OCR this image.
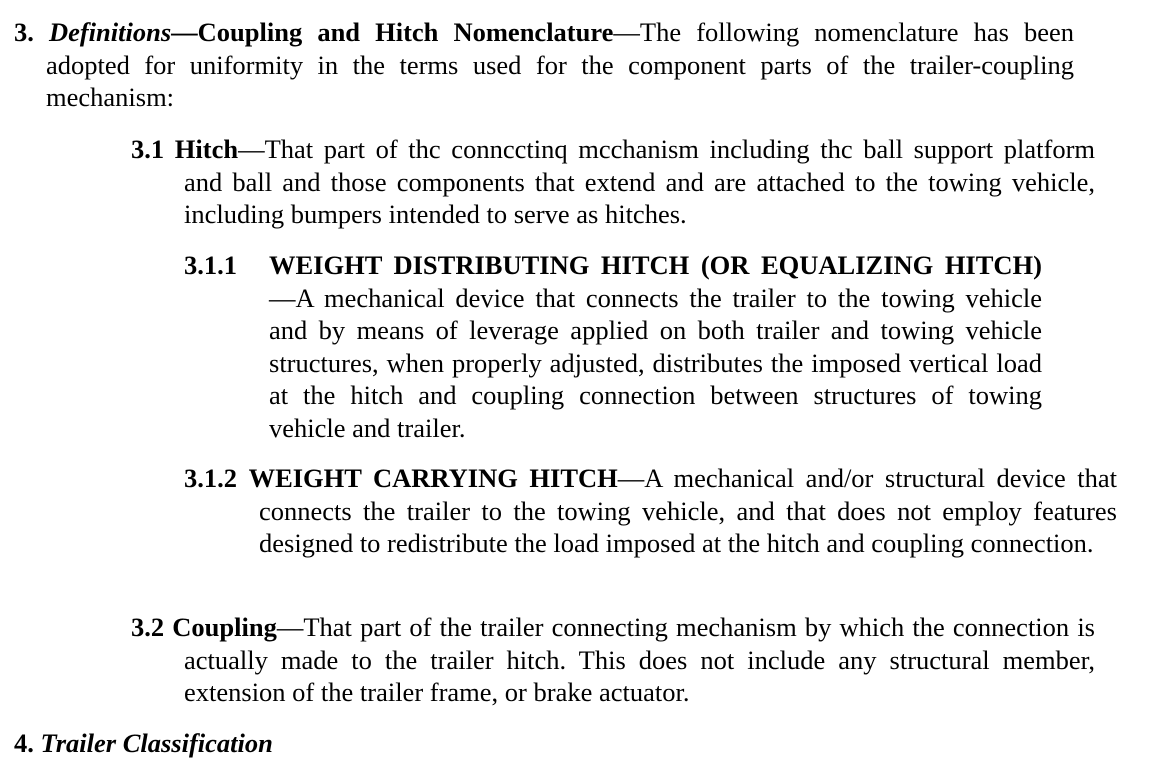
3. Definitions—Coupling and Hitch Nomenclature—The following nomenclature has been adopted for uniformity in the terms used for the component parts of the trailer-coupling mechanism:

3.1 Hitch—That part of thc conncctinq mcchanism including thc ball support platform and ball and those components that extend and are attached to the towing vehicle, including bumpers intended to serve as hitches.

3.1.1 WEIGHT DISTRIBUTING HITCH (OR EQUALIZING HITCH)—A mechanical device that connects the trailer to the towing vehicle and by means of leverage applied on both trailer and towing vehicle structures, when properly adjusted, distributes the imposed vertical load at the hitch and coupling connection between structures of towing vehicle and trailer.

3.1.2 WEIGHT CARRYING HITCH—A mechanical and/or structural device that connects the trailer to the towing vehicle, and that does not employ features designed to redistribute the load imposed at the hitch and coupling connection.

3.2 Coupling—That part of the trailer connecting mechanism by which the connection is actually made to the trailer hitch. This does not include any structural member, extension of the trailer frame, or brake actuator.

4. Trailer Classification
